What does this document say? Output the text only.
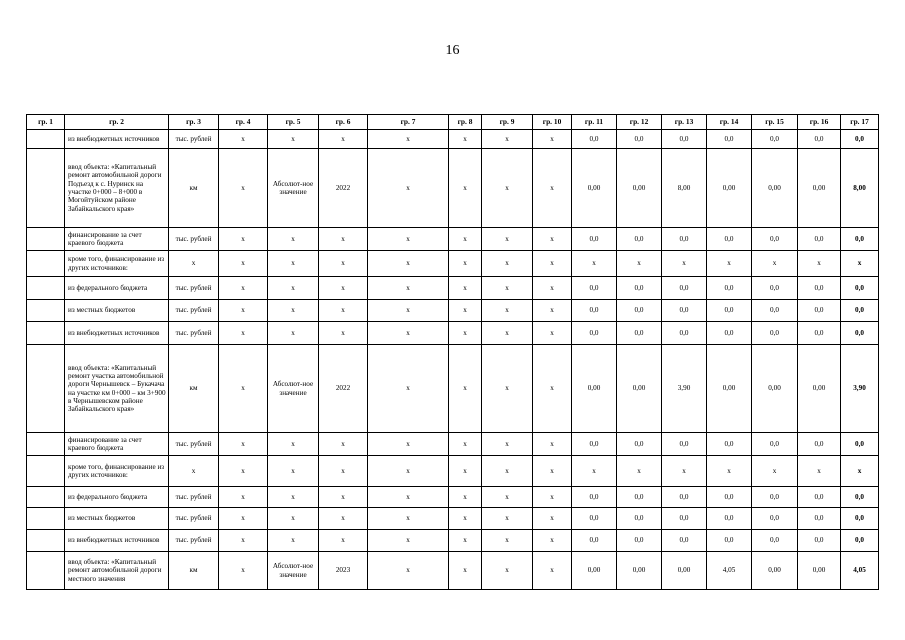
16
гр. 1	гр. 2	гр. 3	гр. 4	гр. 5	гр. 6	гр. 7	гр. 8	гр. 9	гр. 10	гр. 11	гр. 12	гр. 13	гр. 14	гр. 15	гр. 16	гр. 17
	из внебюджетных источников	тыс. рублей	x	x	x	x	x	x	x	0,0	0,0	0,0	0,0	0,0	0,0	0,0
	ввод объекта: «Капитальный ремонт автомобильной дороги Подъезд к с. Нуринск на участке 0+000 – 8+000 в Могойтуйском районе Забайкальского края»	км	x	Абсолют-ное значение	2022	x	x	x	x	0,00	0,00	8,00	0,00	0,00	0,00	8,00
	финансирование за счет краевого бюджета	тыс. рублей	x	x	x	x	x	x	x	0,0	0,0	0,0	0,0	0,0	0,0	0,0
	кроме того, финансирование из других источников:	x	x	x	x	x	x	x	x	x	x	x	x	x	x	x
	из федерального бюджета	тыс. рублей	x	x	x	x	x	x	x	0,0	0,0	0,0	0,0	0,0	0,0	0,0
	из местных бюджетов	тыс. рублей	x	x	x	x	x	x	x	0,0	0,0	0,0	0,0	0,0	0,0	0,0
	из внебюджетных источников	тыс. рублей	x	x	x	x	x	x	x	0,0	0,0	0,0	0,0	0,0	0,0	0,0
	ввод объекта: «Капитальный ремонт участка автомобильной дороги Чернышевск – Букачача на участке км 0+000 – км 3+900 в Чернышевском районе Забайкальского края»	км	x	Абсолют-ное значение	2022	x	x	x	x	0,00	0,00	3,90	0,00	0,00	0,00	3,90
	финансирование за счет краевого бюджета	тыс. рублей	x	x	x	x	x	x	x	0,0	0,0	0,0	0,0	0,0	0,0	0,0
	кроме того, финансирование из других источников:	x	x	x	x	x	x	x	x	x	x	x	x	x	x	x
	из федерального бюджета	тыс. рублей	x	x	x	x	x	x	x	0,0	0,0	0,0	0,0	0,0	0,0	0,0
	из местных бюджетов	тыс. рублей	x	x	x	x	x	x	x	0,0	0,0	0,0	0,0	0,0	0,0	0,0
	из внебюджетных источников	тыс. рублей	x	x	x	x	x	x	x	0,0	0,0	0,0	0,0	0,0	0,0	0,0
	ввод объекта: «Капитальный ремонт автомобильной дороги местного значения	км	x	Абсолют-ное значение	2023	x	x	x	x	0,00	0,00	0,00	4,05	0,00	0,00	4,05
